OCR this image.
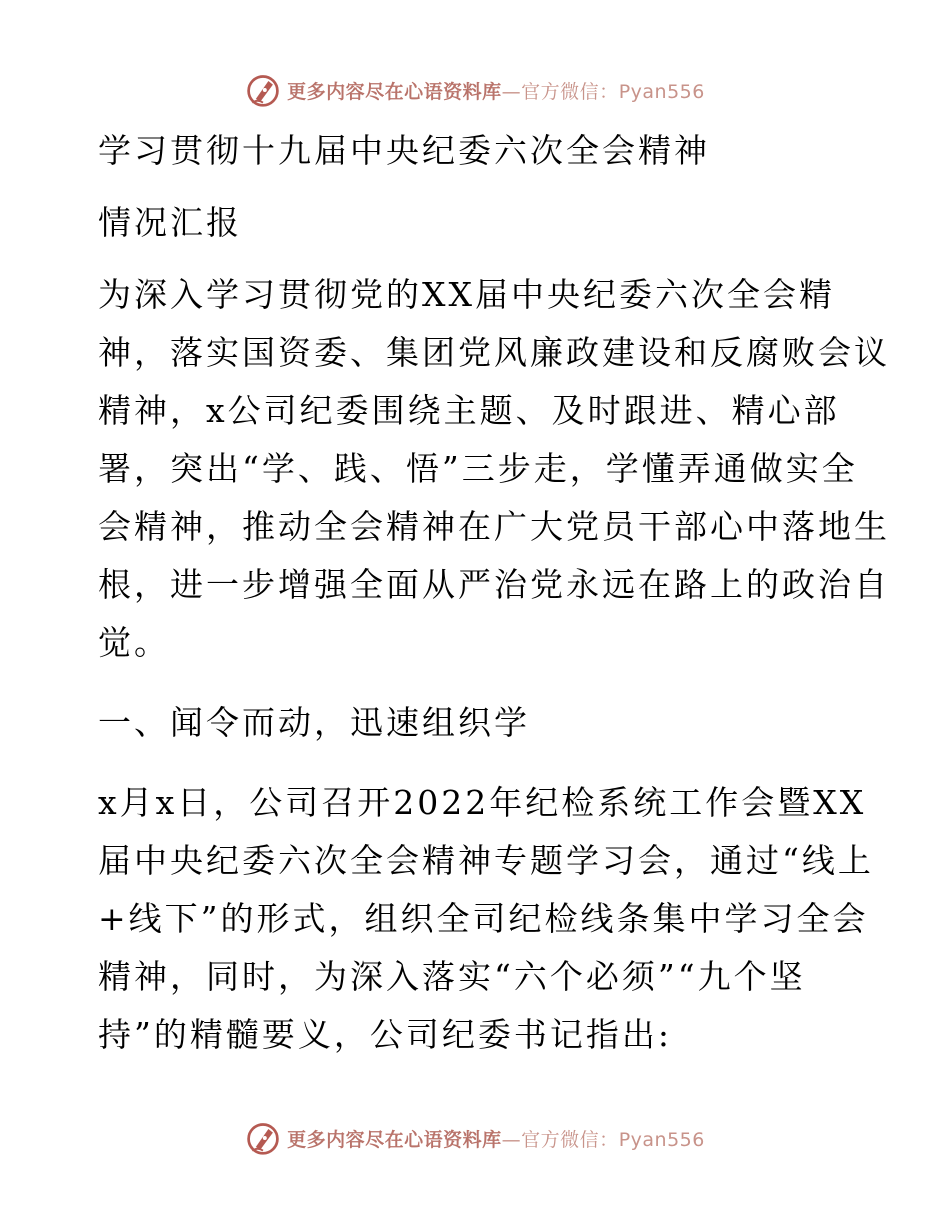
更多内容尽在心语资料库—官方微信：Pyan556
学习贯彻十九届中央纪委六次全会精神
情况汇报
为深入学习贯彻党的XX届中央纪委六次全会精
神，落实国资委、集团党风廉政建设和反腐败会议
精神，x公司纪委围绕主题、及时跟进、精心部
署，突出“学、践、悟”三步走，学懂弄通做实全
会精神，推动全会精神在广大党员干部心中落地生
根，进一步增强全面从严治党永远在路上的政治自
觉。
一、闻令而动，迅速组织学
x月x日，公司召开2022年纪检系统工作会暨XX
届中央纪委六次全会精神专题学习会，通过“线上
+线下”的形式，组织全司纪检线条集中学习全会
精神，同时，为深入落实“六个必须”“九个坚
持”的精髓要义，公司纪委书记指出:
更多内容尽在心语资料库—官方微信：Pyan556
